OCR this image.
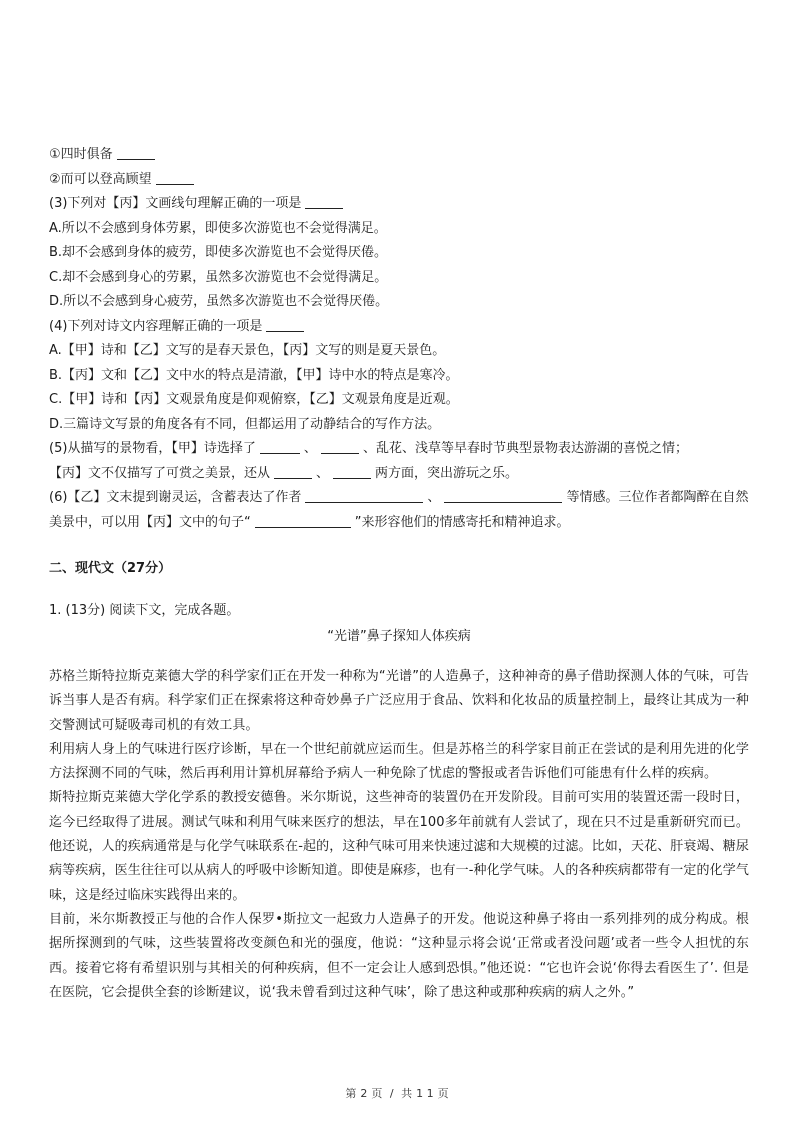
①四时俱备
②而可以登高顾望
(3)下列对【丙】文画线句理解正确的一项是
A.所以不会感到身体劳累，即使多次游览也不会觉得满足。
B.却不会感到身体的疲劳，即使多次游览也不会觉得厌倦。
C.却不会感到身心的劳累，虽然多次游览也不会觉得满足。
D.所以不会感到身心疲劳，虽然多次游览也不会觉得厌倦。
(4)下列对诗文内容理解正确的一项是
A.【甲】诗和【乙】文写的是春天景色，【丙】文写的则是夏天景色。
B.【丙】文和【乙】文中水的特点是清澈，【甲】诗中水的特点是寒冷。
C.【甲】诗和【丙】文观景角度是仰观俯察，【乙】文观景角度是近观。
D.三篇诗文写景的角度各有不同，但都运用了动静结合的写作方法。
(5)从描写的景物看，【甲】诗选择了	、	、乱花、浅草等早春时节典型景物表达游湖的喜悦之情；
【丙】文不仅描写了可赏之美景，还从	、	两方面，突出游玩之乐。
(6)【乙】文末提到谢灵运，含蓄表达了作者	、	等情感。三位作者都陶醉在自然
美景中，可以用【丙】文中的句子“	”来形容他们的情感寄托和精神追求。
二、现代文（27分）
1. (13分) 阅读下文，完成各题。
“光谱”鼻子探知人体疾病
苏格兰斯特拉斯克莱德大学的科学家们正在开发一种称为“光谱”的人造鼻子，这种神奇的鼻子借助探测人体的气味，可告诉当事人是否有病。科学家们正在探索将这种奇妙鼻子广泛应用于食品、饮料和化妆品的质量控制上，最终让其成为一种交警测试可疑吸毒司机的有效工具。
利用病人身上的气味进行医疗诊断，早在一个世纪前就应运而生。但是苏格兰的科学家目前正在尝试的是利用先进的化学方法探测不同的气味，然后再利用计算机屏幕给予病人一种免除了忧虑的警报或者告诉他们可能患有什么样的疾病。
斯特拉斯克莱德大学化学系的教授安德鲁。米尔斯说，这些神奇的装置仍在开发阶段。目前可实用的装置还需一段时日，迄今已经取得了进展。测试气味和利用气味来医疗的想法，早在100多年前就有人尝试了，现在只不过是重新研究而已。他还说，人的疾病通常是与化学气味联系在-起的，这种气味可用来快速过滤和大规模的过滤。比如，天花、肝衰竭、糖尿病等疾病，医生往往可以从病人的呼吸中诊断知道。即使是麻疹，也有一-种化学气味。人的各种疾病都带有一定的化学气味，这是经过临床实践得出来的。
目前，米尔斯教授正与他的合作人保罗•斯拉文一起致力人造鼻子的开发。他说这种鼻子将由一系列排列的成分构成。根据所探测到的气味，这些装置将改变颜色和光的强度，他说：“这种显示将会说‘正常或者没问题’或者一些令人担忧的东西。接着它将有希望识别与其相关的何种疾病，但不一定会让人感到恐惧。”他还说：“它也许会说‘你得去看医生了’. 但是在医院，它会提供全套的诊断建议，说‘我未曾看到过这种气味’，除了患这种或那种疾病的病人之外。”
第 2 页 / 共 1 1 页
